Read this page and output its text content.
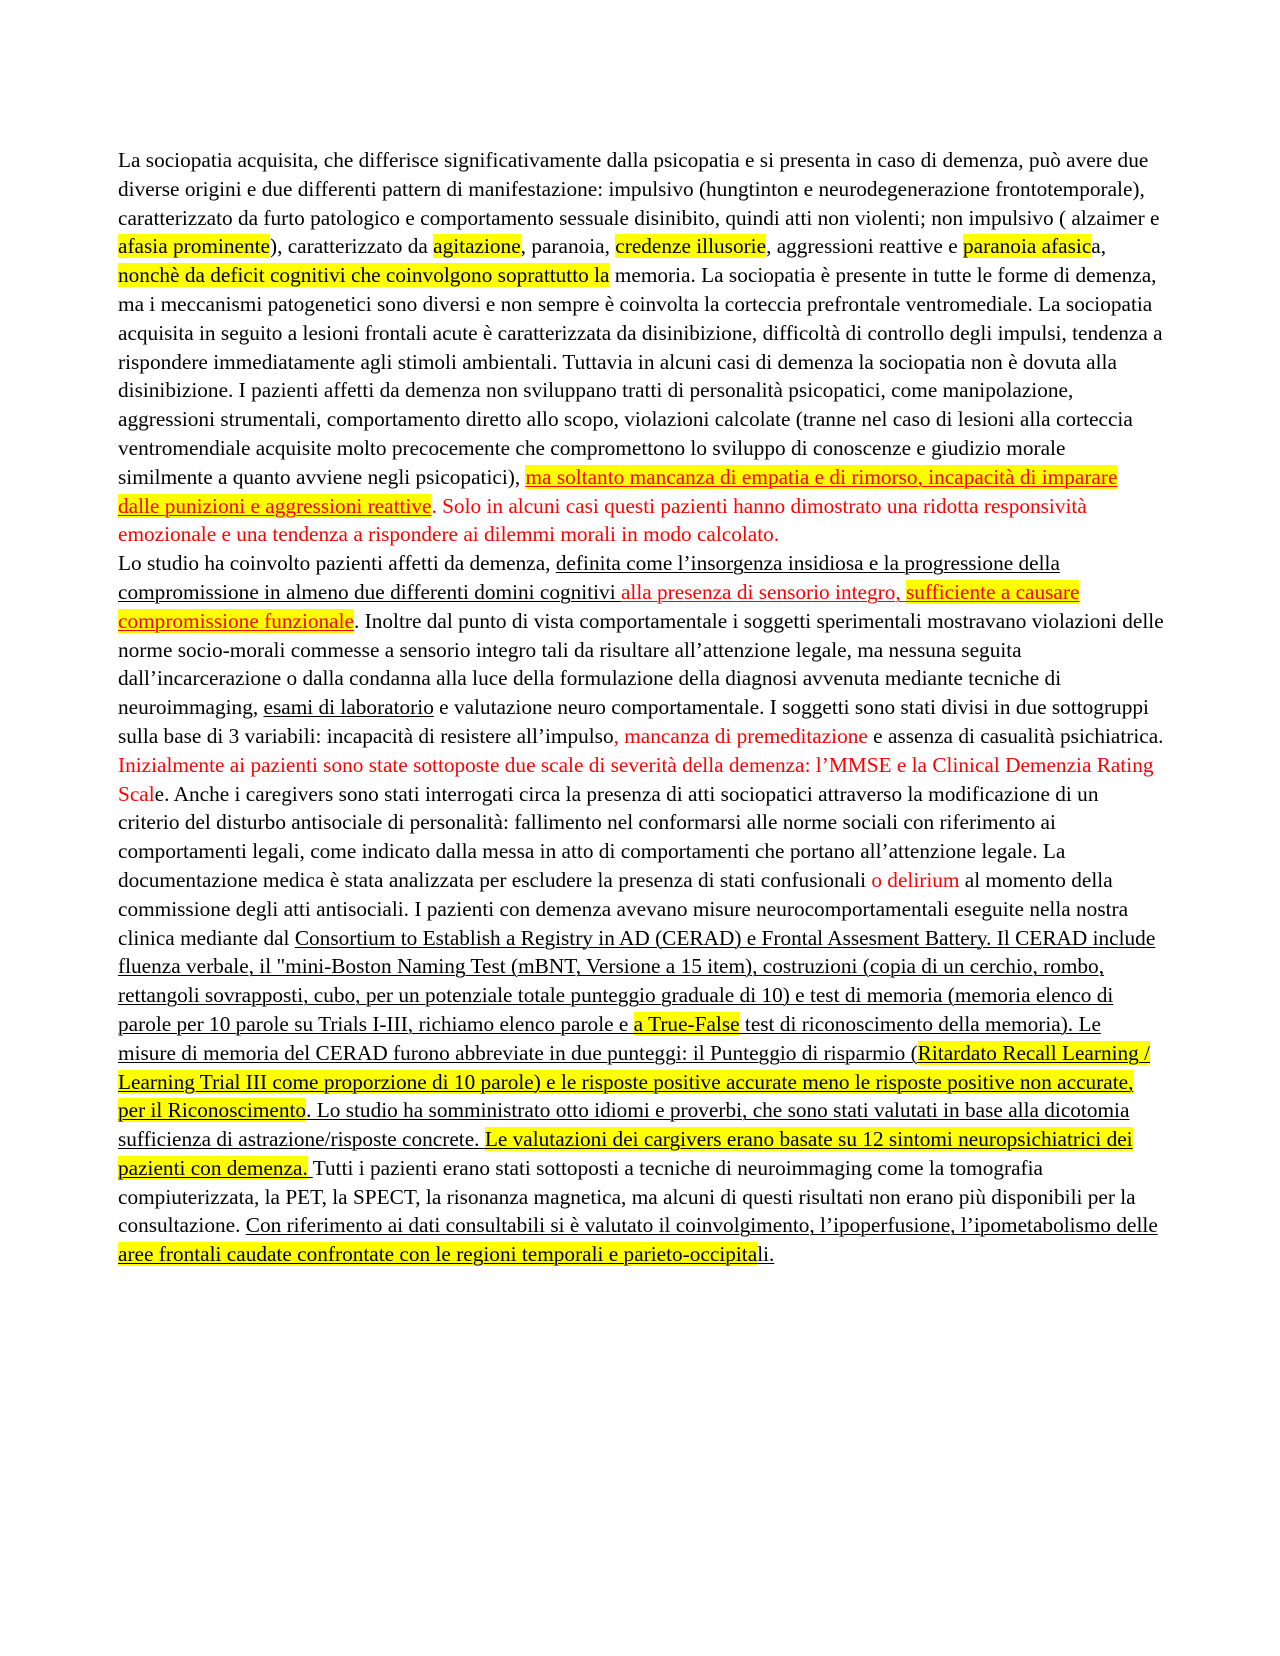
La sociopatia acquisita, che differisce significativamente dalla psicopatia e si presenta in caso di demenza, può avere due diverse origini e due differenti pattern di manifestazione: impulsivo (hungtinton e neurodegenerazione frontotemporale), caratterizzato da furto patologico e comportamento sessuale disinibito, quindi atti non violenti; non impulsivo ( alzaimer e afasia prominente), caratterizzato da agitazione, paranoia, credenze illusorie, aggressioni reattive e paranoia afasica, nonchè da deficit cognitivi che coinvolgono soprattutto la memoria. La sociopatia è presente in tutte le forme di demenza, ma i meccanismi patogenetici sono diversi e non sempre è coinvolta la corteccia prefrontale ventromediale. La sociopatia acquisita in seguito a lesioni frontali acute è caratterizzata da disinibizione, difficoltà di controllo degli impulsi, tendenza a rispondere immediatamente agli stimoli ambientali. Tuttavia in alcuni casi di demenza la sociopatia non è dovuta alla disinibizione. I pazienti affetti da demenza non sviluppano tratti di personalità psicopatici, come manipolazione, aggressioni strumentali, comportamento diretto allo scopo, violazioni calcolate (tranne nel caso di lesioni alla corteccia ventromendiale acquisite molto precocemente che compromettono lo sviluppo di conoscenze e giudizio morale similmente a quanto avviene negli psicopatici), ma soltanto mancanza di empatia e di rimorso, incapacità di imparare dalle punizioni e aggressioni reattive. Solo in alcuni casi questi pazienti hanno dimostrato una ridotta responsività emozionale e una tendenza a rispondere ai dilemmi morali in modo calcolato.

Lo studio ha coinvolto pazienti affetti da demenza, definita come l’insorgenza insidiosa e la progressione della compromissione in almeno due differenti domini cognitivi alla presenza di sensorio integro, sufficiente a causare compromissione funzionale. Inoltre dal punto di vista comportamentale i soggetti sperimentali mostravano violazioni delle norme socio-morali commesse a sensorio integro tali da risultare all’attenzione legale, ma nessuna seguita dall’incarcerazione o dalla condanna alla luce della formulazione della diagnosi avvenuta mediante tecniche di neuroimmaging, esami di laboratorio e valutazione neuro comportamentale. I soggetti sono stati divisi in due sottogruppi sulla base di 3 variabili: incapacità di resistere all’impulso, mancanza di premeditazione e assenza di casualità psichiatrica. Inizialmente ai pazienti sono state sottoposte due scale di severità della demenza: l’MMSE e la Clinical Demenzia Rating Scale. Anche i caregivers sono stati interrogati circa la presenza di atti sociopatici attraverso la modificazione di un criterio del disturbo antisociale di personalità: fallimento nel conformarsi alle norme sociali con riferimento ai comportamenti legali, come indicato dalla messa in atto di comportamenti che portano all’attenzione legale. La documentazione medica è stata analizzata per escludere la presenza di stati confusionali o delirium al momento della commissione degli atti antisociali. I pazienti con demenza avevano misure neurocomportamentali eseguite nella nostra clinica mediante dal Consortium to Establish a Registry in AD (CERAD) e Frontal Assesment Battery. Il CERAD include fluenza verbale, il "mini-Boston Naming Test (mBNT, Versione a 15 item), costruzioni (copia di un cerchio, rombo, rettangoli sovrapposti, cubo, per un potenziale totale punteggio graduale di 10) e test di memoria (memoria elenco di parole per 10 parole su Trials I-III, richiamo elenco parole e a True-False test di riconoscimento della memoria). Le misure di memoria del CERAD furono abbreviate in due punteggi: il Punteggio di risparmio (Ritardato Recall Learning / Learning Trial III come proporzione di 10 parole) e le risposte positive accurate meno le risposte positive non accurate, per il Riconoscimento. Lo studio ha somministrato otto idiomi e proverbi, che sono stati valutati in base alla dicotomia sufficienza di astrazione/risposte concrete. Le valutazioni dei cargivers erano basate su 12 sintomi neuropsichiatrici dei pazienti con demenza. Tutti i pazienti erano stati sottoposti a tecniche di neuroimmaging come la tomografia compiuterizzata, la PET, la SPECT, la risonanza magnetica, ma alcuni di questi risultati non erano più disponibili per la consultazione. Con riferimento ai dati consultabili si è valutato il coinvolgimento, l’ipoperfusione, l’ipometabolismo delle aree frontali caudate confrontate con le regioni temporali e parieto-occipitali.
